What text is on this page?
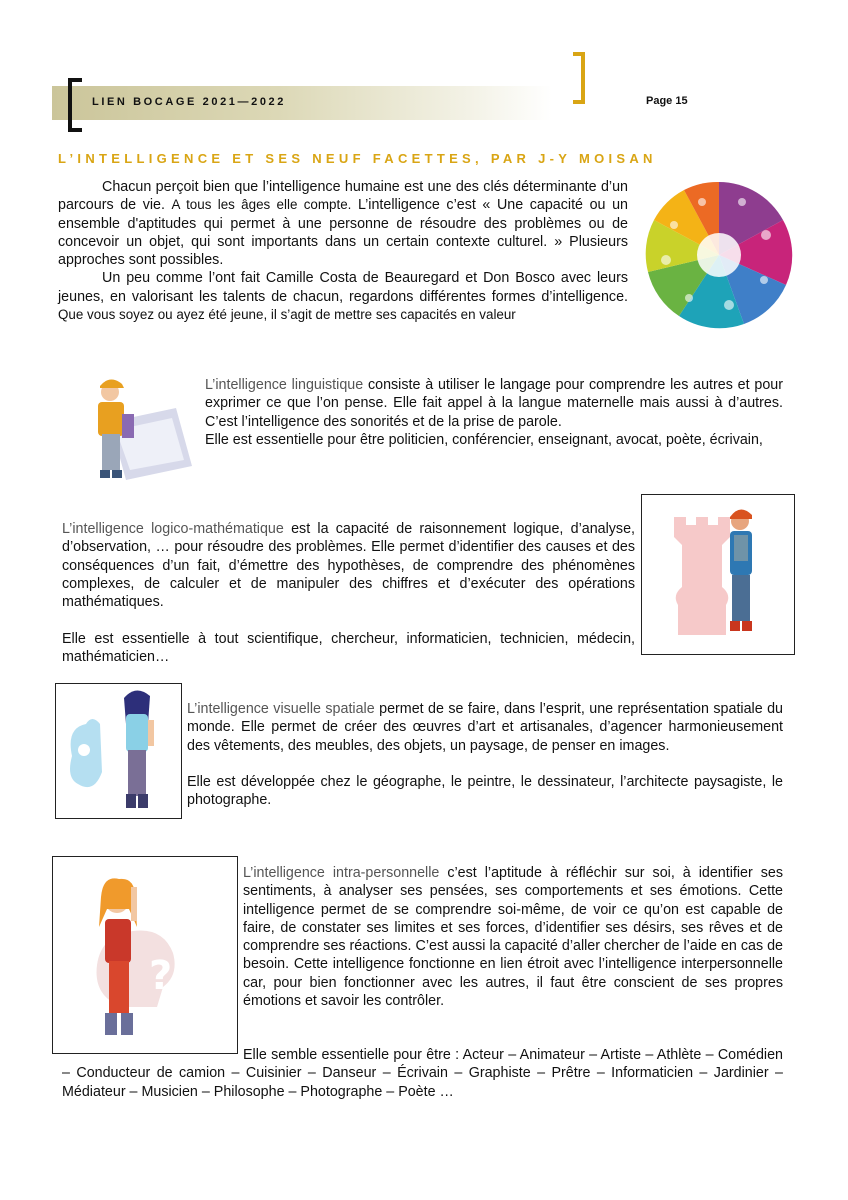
LIEN BOCAGE 2021—2022	Page 15
L’INTELLIGENCE ET SES NEUF FACETTES, PAR J-Y MOISAN

Chacun perçoit bien que l’intelligence humaine est une des clés déterminante d’un parcours de vie. A tous les âges elle compte. L’intelligence c’est « Une capacité ou un ensemble d'aptitudes qui permet à une personne de résoudre des problèmes ou de concevoir un objet, qui sont importants dans un certain contexte culturel. » Plusieurs approches sont possibles.

Un peu comme l’ont fait Camille Costa de Beauregard et Don Bosco avec leurs jeunes, en valorisant les talents de chacun, regardons différentes formes d’intelligence. Que vous soyez ou ayez été jeune, il s’agit de mettre ses capacités en valeur

L’intelligence linguistique consiste à utiliser le langage pour comprendre les autres et pour exprimer ce que l’on pense. Elle fait appel à la langue maternelle mais aussi à d’autres. C’est l’intelligence des sonorités et de la prise de parole.

Elle est essentielle pour être politicien, conférencier, enseignant, avocat, poète, écrivain,

L’intelligence logico-mathématique est la capacité de raisonnement logique, d’analyse, d’observation, … pour résoudre des problèmes. Elle permet d’identifier des causes et des conséquences d’un fait, d’émettre des hypothèses, de comprendre des phénomènes complexes, de calculer et de manipuler des chiffres et d’exécuter des opérations mathématiques.

Elle est essentielle à tout scientifique, chercheur, informaticien, technicien, médecin, mathématicien…

L’intelligence visuelle spatiale permet de se faire, dans l’esprit, une représentation spatiale du monde. Elle permet de créer des œuvres d’art et artisanales, d’agencer harmonieusement des vêtements, des meubles, des objets, un paysage, de penser en images.

Elle est développée chez le géographe, le peintre, le dessinateur, l’architecte paysagiste, le photographe.

?

L’intelligence intra-personnelle c’est l’aptitude à réfléchir sur soi, à identifier ses sentiments, à analyser ses pensées, ses comportements et ses émotions. Cette intelligence permet de se comprendre soi-même, de voir ce qu’on est capable de faire, de constater ses limites et ses forces, d’identifier ses désirs, ses rêves et de comprendre ses réactions. C’est aussi la capacité d’aller chercher de l’aide en cas de besoin. Cette intelligence fonctionne en lien étroit avec l’intelligence interpersonnelle car, pour bien fonctionner avec les autres, il faut être conscient de ses propres émotions et savoir les contrôler.

Elle semble essentielle pour être : Acteur – Animateur – Artiste – Athlète – Comédien – Conducteur de camion – Cuisinier – Danseur – Écrivain – Graphiste – Prêtre – Informaticien – Jardinier – Médiateur – Musicien – Philosophe – Photographe – Poète …
